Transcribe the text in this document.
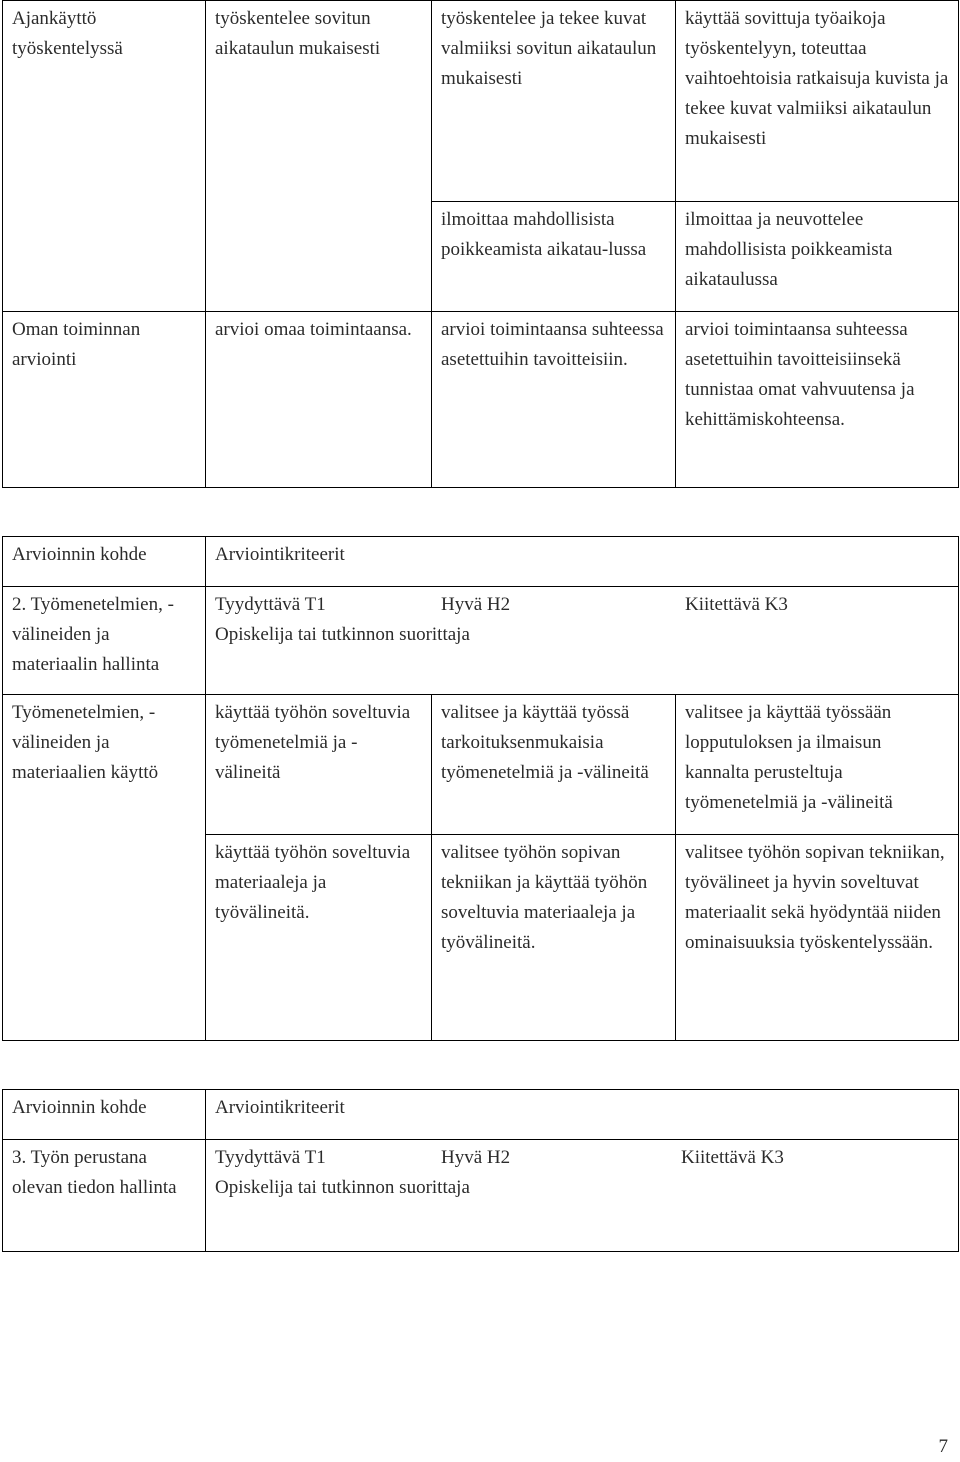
Ajankäyttö työskentelyssä	työskentelee sovitun aikataulun mukaisesti	työskentelee ja tekee kuvat valmiiksi sovitun aikataulun mukaisesti	käyttää sovittuja työaikoja työskentelyyn, toteuttaa vaihtoehtoisia ratkaisuja kuvista ja tekee kuvat valmiiksi aikataulun mukaisesti
		ilmoittaa mahdollisista poikkeamista aikatau-lussa	ilmoittaa ja neuvottelee mahdollisista poikkeamista aikataulussa
Oman toiminnan arviointi	arvioi omaa toimintaansa.	arvioi toimintaansa suhteessa asetettuihin tavoitteisiin.	arvioi toimintaansa suhteessa asetettuihin tavoitteisiinsekä tunnistaa omat vahvuutensa ja kehittämiskohteensa.
Arvioinnin kohde	Arviointikriteerit		
2. Työmenetelmien, -välineiden ja materiaalin hallinta	Tyydyttävä T1 Hyvä H2 Kiitettävä K3
Opiskelija tai tutkinnon suorittaja		

Työmenetelmien, -välineiden ja materiaalien käyttö	käyttää työhön soveltuvia työmenetelmiä ja -välineitä	valitsee ja käyttää työssä tarkoituksenmukaisia työmenetelmiä ja -välineitä	valitsee ja käyttää työssään lopputuloksen ja ilmaisun kannalta perusteltuja työmenetelmiä ja -välineitä
	käyttää työhön soveltuvia materiaaleja ja työvälineitä.	valitsee työhön sopivan tekniikan ja käyttää työhön soveltuvia materiaaleja ja työvälineitä.	valitsee työhön sopivan tekniikan, työvälineet ja hyvin soveltuvat materiaalit sekä hyödyntää niiden ominaisuuksia työskentelyssään.
Arvioinnin kohde	Arviointikriteerit
3. Työn perustana olevan tiedon hallinta	Tyydyttävä T1 Hyvä H2 Kiitettävä K3
Opiskelija tai tutkinnon suorittaja
7
